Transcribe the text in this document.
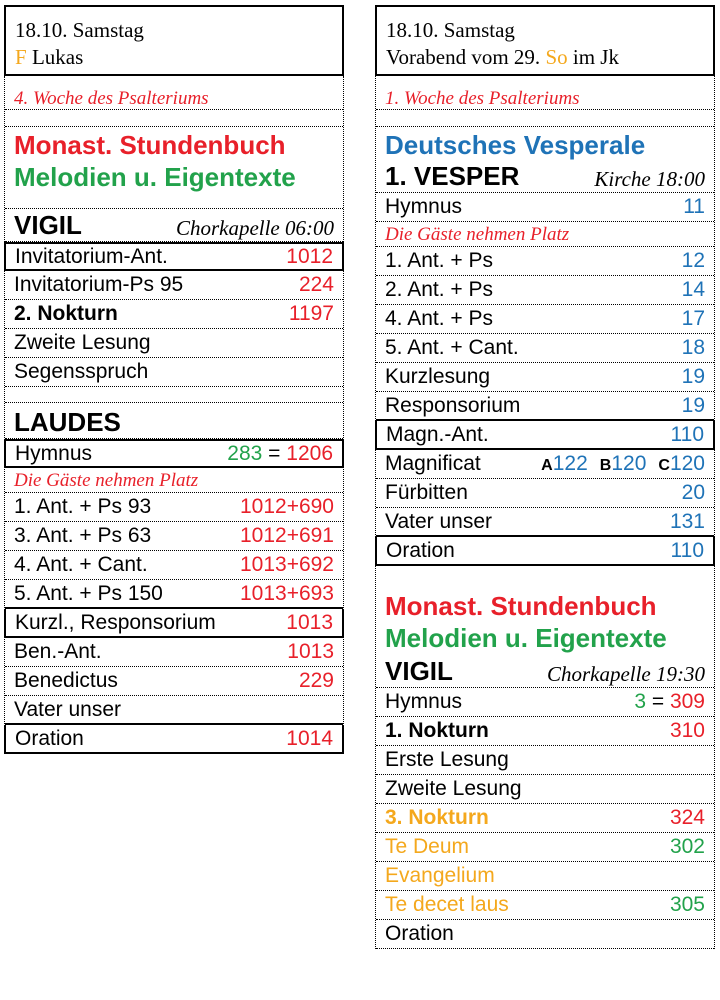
18.10. Samstag
F Lukas
4. Woche des Psalteriums
Monast. Stundenbuch
Melodien u. Eigentexte
VIGIL	Chorkapelle 06:00
Invitatorium-Ant.	1012
Invitatorium-Ps 95	224
2. Nokturn	1197
Zweite Lesung
Segensspruch
LAUDES
Hymnus	283 = 1206
Die Gäste nehmen Platz
1. Ant. + Ps 93	1012+690
3. Ant. + Ps 63	1012+691
4. Ant. + Cant.	1013+692
5. Ant. + Ps 150	1013+693
Kurzl., Responsorium	1013
Ben.-Ant.	1013
Benedictus	229
Vater unser
Oration	1014
18.10. Samstag
Vorabend vom 29. So im Jk
1. Woche des Psalteriums
Deutsches Vesperale
1. VESPER	Kirche 18:00
Hymnus	11
Die Gäste nehmen Platz
1. Ant. + Ps	12
2. Ant. + Ps	14
4. Ant. + Ps	17
5. Ant. + Cant.	18
Kurzlesung	19
Responsorium	19
Magn.-Ant.	110
Magnificat	A 122 B 120 C 120
Fürbitten	20
Vater unser	131
Oration	110
Monast. Stundenbuch
Melodien u. Eigentexte
VIGIL	Chorkapelle 19:30
Hymnus	3 = 309
1. Nokturn	310
Erste Lesung
Zweite Lesung
3. Nokturn	324
Te Deum	302
Evangelium
Te decet laus	305
Oration
